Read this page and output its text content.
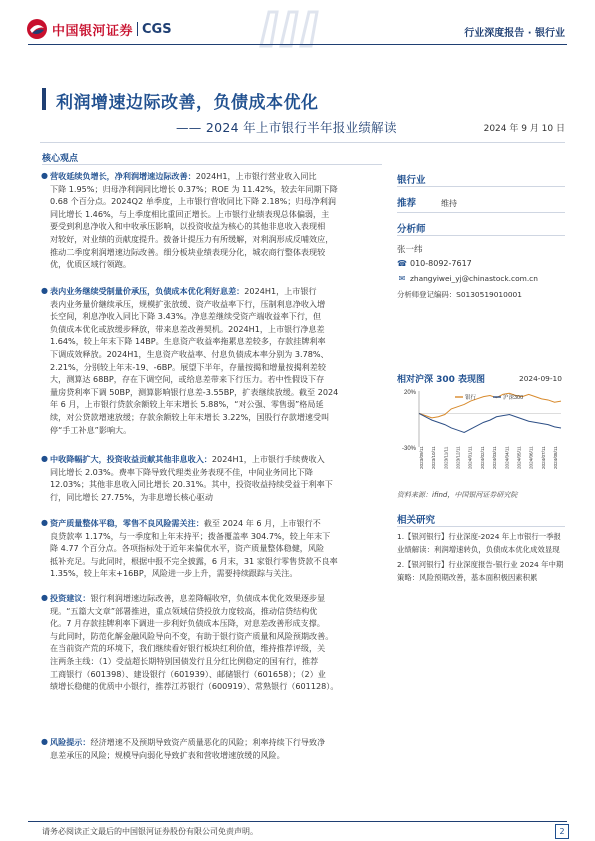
中国银河证券 CGS	行业深度报告 · 银行业
利润增速边际改善，负债成本优化
—— 2024 年上市银行半年报业绩解读	2024 年 9 月 10 日
核心观点
● 营收延续负增长，净利润增速边际改善：2024H1，上市银行营业收入同比
下降 1.95%；归母净利润同比增长 0.37%；ROE 为 11.42%，较去年同期下降
0.68 个百分点。2024Q2 单季度，上市银行营收同比下降 2.18%；归母净利润
同比增长 1.46%，与上季度相比重回正增长。上市银行业绩表现总体偏弱，主
要受到利息净收入和中收承压影响，以投资收益为核心的其他非息收入表现相
对较好，对业绩的贡献度提升。拨备计提压力有所缓解，对利润形成反哺效应，
推动二季度利润增速边际改善。细分板块业绩表现分化，城农商行整体表现较
优，优质区域行领跑。
● 表内业务继续受制量价承压，负债成本优化利好息差：2024H1，上市银行
表内业务量价継续承压，规模扩张放缓、资产收益率下行，压制利息净收入增
长空间，利息净收入同比下降 3.43%。净息差继续受资产端收益率下行，但
负债成本优化或放缓步释放，带来息差改善契机。2024H1，上市银行净息差
1.64%，较上年末下降 14BP。生息资产收益率拖累息差较多，存款挂牌利率
下调成效释放。2024H1，生息资产收益率、付息负债成本率分别为 3.78%、
2.21%，分别较上年末-19、-6BP。展望下半年，存量按揭和增量按揭利差较
大，测算达 68BP，存在下调空间，或给息差带来下行压力。若中性假设下存
量房贷利率下调 50BP，测算影响银行息差-3.55BP，扩表继续放缓。截至 2024
年 6 月，上市银行贷款余额较上年末增长 5.88%，“对公强、零售弱”格局延
续，对公贷款增速放缓；存款余额较上年末增长 3.22%，国股行存款增速受叫
停“手工补息”影响大。
● 中收降幅扩大，投资收益贡献其他非息收入：2024H1，上市银行手续费收入
同比增长 2.03%。费率下降导致代理类业务表现不佳，中间业务同比下降
12.03%；其他非息收入同比增长 20.31%。其中，投资收益持续受益于利率下
行，同比增长 27.75%，为非息增长核心驱动
● 资产质量整体平稳，零售不良风险需关注：截至 2024 年 6 月，上市银行不
良贷款率 1.17%，与一季度和上年末持平；拨备覆盖率 304.7%，较上年末下
降 4.77 个百分点。各项指标处于近年来偏优水平，资产质量整体稳健，风险
抵补充足。与此同时，根据中报不完全披露，6 月末，31 家银行零售贷款不良率
1.35%，较上年末+16BP，风险进一步上升，需要持续跟踪与关注。
● 投资建议：银行利润增速边际改善，息差降幅收窄，负债成本优化效果逐步显
现。“五篇大文章”部署推进，重点领域信贷投放力度较高，推动信贷结构优
化。7 月存款挂牌利率下调进一步利好负债成本压降，对息差改善形成支撑。
与此同时，防范化解金融风险导向不变，有助于银行资产质量和风险预期改善。
在当前资产荒的环境下，我们继续看好银行板块红利价值，维持推荐评级，关
注两条主线：（1）受益超长期特别国债发行且分红比例稳定的国有行，推荐
工商银行（601398）、建设银行（601939）、邮储银行（601658）；（2）业
绩增长稳健的优质中小银行，推荐江苏银行（600919）、常熟银行（601128）。
● 风险提示：经济增速不及预期导致资产质量恶化的风险；利率持续下行导致净
息差承压的风险；规模导向弱化导致扩表和营收增速放缓的风险。
银行业
推荐	维持
分析师
张一纬
☎ 010-8092-7617
✉ zhangyiwei_yj@chinastock.com.cn
分析师登记编码：S0130519010001
相对沪深 300 表现图	2024-09-10
20%
-30% 2023/09/11 2023/10/11 2023/11/11 2023/12/11 2024/01/11 2024/02/11 2024/03/11 2024/04/11 2024/05/11 2024/06/11 2024/07/11 2024/08/11
银行	沪深300
资料来源：ifind，中国银河证券研究院
相关研究
1.【银河银行】行业深度-2024 年上市银行一季报业绩解读：利润增速转负，负债成本优化成效显现
2.【银河银行】行业深度报告-银行业 2024 年中期策略：风险预期改善，基本面积极因素积累
请务必阅读正文最后的中国银河证券股份有限公司免责声明。	2
